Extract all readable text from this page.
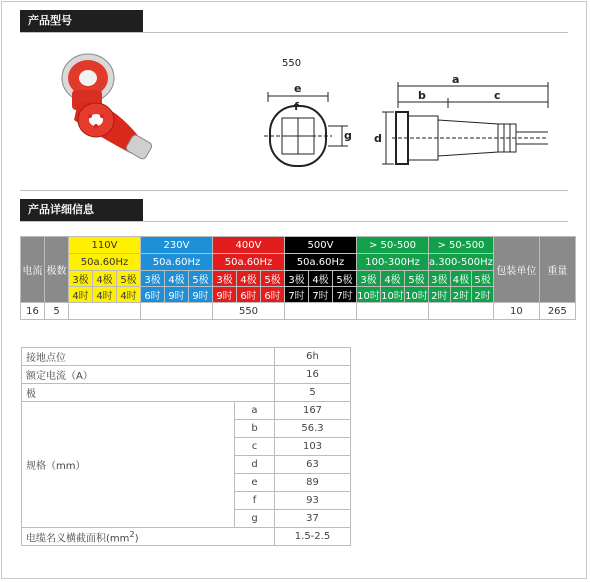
产品型号
550
e
f
g
a
b	c
d
产品详细信息
电流	极数	110V			230V			400V			500V			> 50-500			> 50-500			包装单位	重量
		50a.60Hz			50a.60Hz			50a.60Hz			50a.60Hz			100-300Hz			a.300-500Hz				
		3极	4极	5极	3极	4极	5极	3极	4极	5极	3极	4极	5极	3极	4极	5极	3极	4极	5极		
		4时	4时	4时	6时	9时	9时	9时	6时	6时	7时	7时	7时	10时	10时	10时	2时	2时	2时		
16	5							550												10	265
接地点位		6h
额定电流（A）		16
极		5
规格（mm）	a	167
	b	56.3
	c	103
	d	63
	e	89
	f	93
	g	37
电缆名义横截面积$(mm^2)$		1.5-2.5
